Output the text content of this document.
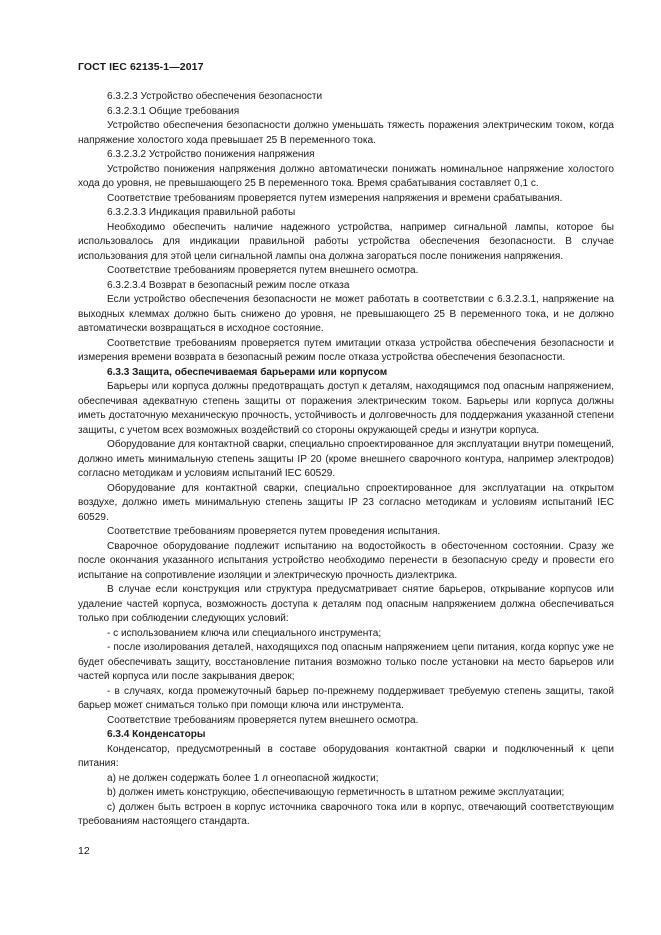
ГОСТ IEC 62135-1—2017

6.3.2.3 Устройство обеспечения безопасности

6.3.2.3.1 Общие требования

Устройство обеспечения безопасности должно уменьшать тяжесть поражения электрическим током, когда напряжение холостого хода превышает 25 В переменного тока.

6.3.2.3.2 Устройство понижения напряжения

Устройство понижения напряжения должно автоматически понижать номинальное напряжение холостого хода до уровня, не превышающего 25 В переменного тока. Время срабатывания составляет 0,1 с.

Соответствие требованиям проверяется путем измерения напряжения и времени срабатывания.

6.3.2.3.3 Индикация правильной работы

Необходимо обеспечить наличие надежного устройства, например сигнальной лампы, которое бы использовалось для индикации правильной работы устройства обеспечения безопасности. В случае использования для этой цели сигнальной лампы она должна загораться после понижения напряжения.

Соответствие требованиям проверяется путем внешнего осмотра.

6.3.2.3.4 Возврат в безопасный режим после отказа

Если устройство обеспечения безопасности не может работать в соответствии с 6.3.2.3.1, напряжение на выходных клеммах должно быть снижено до уровня, не превышающего 25 В переменного тока, и не должно автоматически возвращаться в исходное состояние.

Соответствие требованиям проверяется путем имитации отказа устройства обеспечения безопасности и измерения времени возврата в безопасный режим после отказа устройства обеспечения безопасности.

6.3.3 Защита, обеспечиваемая барьерами или корпусом

Барьеры или корпуса должны предотвращать доступ к деталям, находящимся под опасным напряжением, обеспечивая адекватную степень защиты от поражения электрическим током. Барьеры или корпуса должны иметь достаточную механическую прочность, устойчивость и долговечность для поддержания указанной степени защиты, с учетом всех возможных воздействий со стороны окружающей среды и изнутри корпуса.

Оборудование для контактной сварки, специально спроектированное для эксплуатации внутри помещений, должно иметь минимальную степень защиты IP 20 (кроме внешнего сварочного контура, например электродов) согласно методикам и условиям испытаний IEC 60529.

Оборудование для контактной сварки, специально спроектированное для эксплуатации на открытом воздухе, должно иметь минимальную степень защиты IP 23 согласно методикам и условиям испытаний IEC 60529.

Соответствие требованиям проверяется путем проведения испытания.

Сварочное оборудование подлежит испытанию на водостойкость в обесточенном состоянии. Сразу же после окончания указанного испытания устройство необходимо перенести в безопасную среду и провести его испытание на сопротивление изоляции и электрическую прочность диэлектрика.

В случае если конструкция или структура предусматривает снятие барьеров, открывание корпусов или удаление частей корпуса, возможность доступа к деталям под опасным напряжением должна обеспечиваться только при соблюдении следующих условий:

- с использованием ключа или специального инструмента;

- после изолирования деталей, находящихся под опасным напряжением цепи питания, когда корпус уже не будет обеспечивать защиту, восстановление питания возможно только после установки на место барьеров или частей корпуса или после закрывания дверок;

- в случаях, когда промежуточный барьер по-прежнему поддерживает требуемую степень защиты, такой барьер может сниматься только при помощи ключа или инструмента.

Соответствие требованиям проверяется путем внешнего осмотра.

6.3.4 Конденсаторы

Конденсатор, предусмотренный в составе оборудования контактной сварки и подключенный к цепи питания:

a) не должен содержать более 1 л огнеопасной жидкости;

b) должен иметь конструкцию, обеспечивающую герметичность в штатном режиме эксплуатации;

c) должен быть встроен в корпус источника сварочного тока или в корпус, отвечающий соответствующим требованиям настоящего стандарта.

12
